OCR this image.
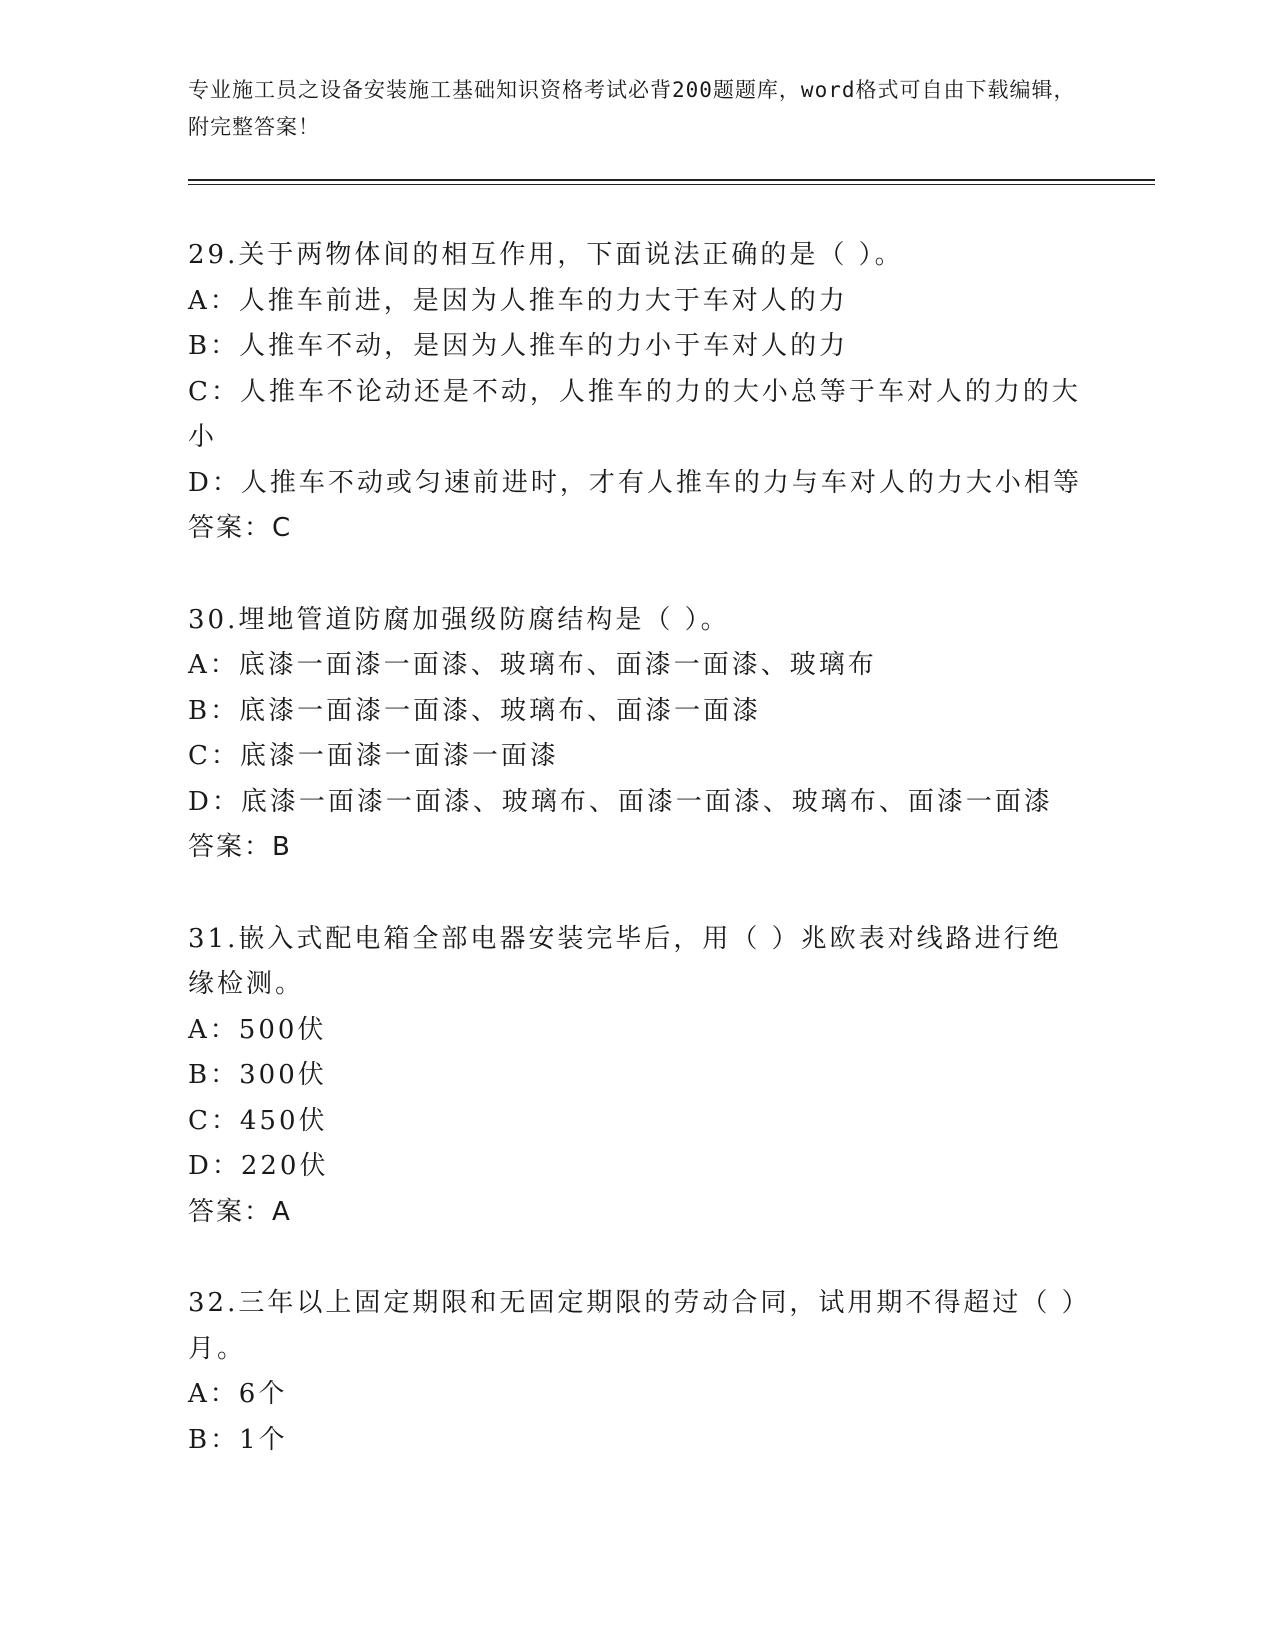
专业施工员之设备安装施工基础知识资格考试必背200题题库，word格式可自由下载编辑，附完整答案！
29.关于两物体间的相互作用，下面说法正确的是（ ）。
A：人推车前进，是因为人推车的力大于车对人的力
B：人推车不动，是因为人推车的力小于车对人的力
C：人推车不论动还是不动，人推车的力的大小总等于车对人的力的大小
D：人推车不动或匀速前进时，才有人推车的力与车对人的力大小相等
答案：C
30.埋地管道防腐加强级防腐结构是（ ）。
A：底漆一面漆一面漆、玻璃布、面漆一面漆、玻璃布
B：底漆一面漆一面漆、玻璃布、面漆一面漆
C：底漆一面漆一面漆一面漆
D：底漆一面漆一面漆、玻璃布、面漆一面漆、玻璃布、面漆一面漆
答案：B
31.嵌入式配电箱全部电器安装完毕后，用（ ）兆欧表对线路进行绝缘检测。
A：500伏
B：300伏
C：450伏
D：220伏
答案：A
32.三年以上固定期限和无固定期限的劳动合同，试用期不得超过（ ）月。
A：6个
B：1个
